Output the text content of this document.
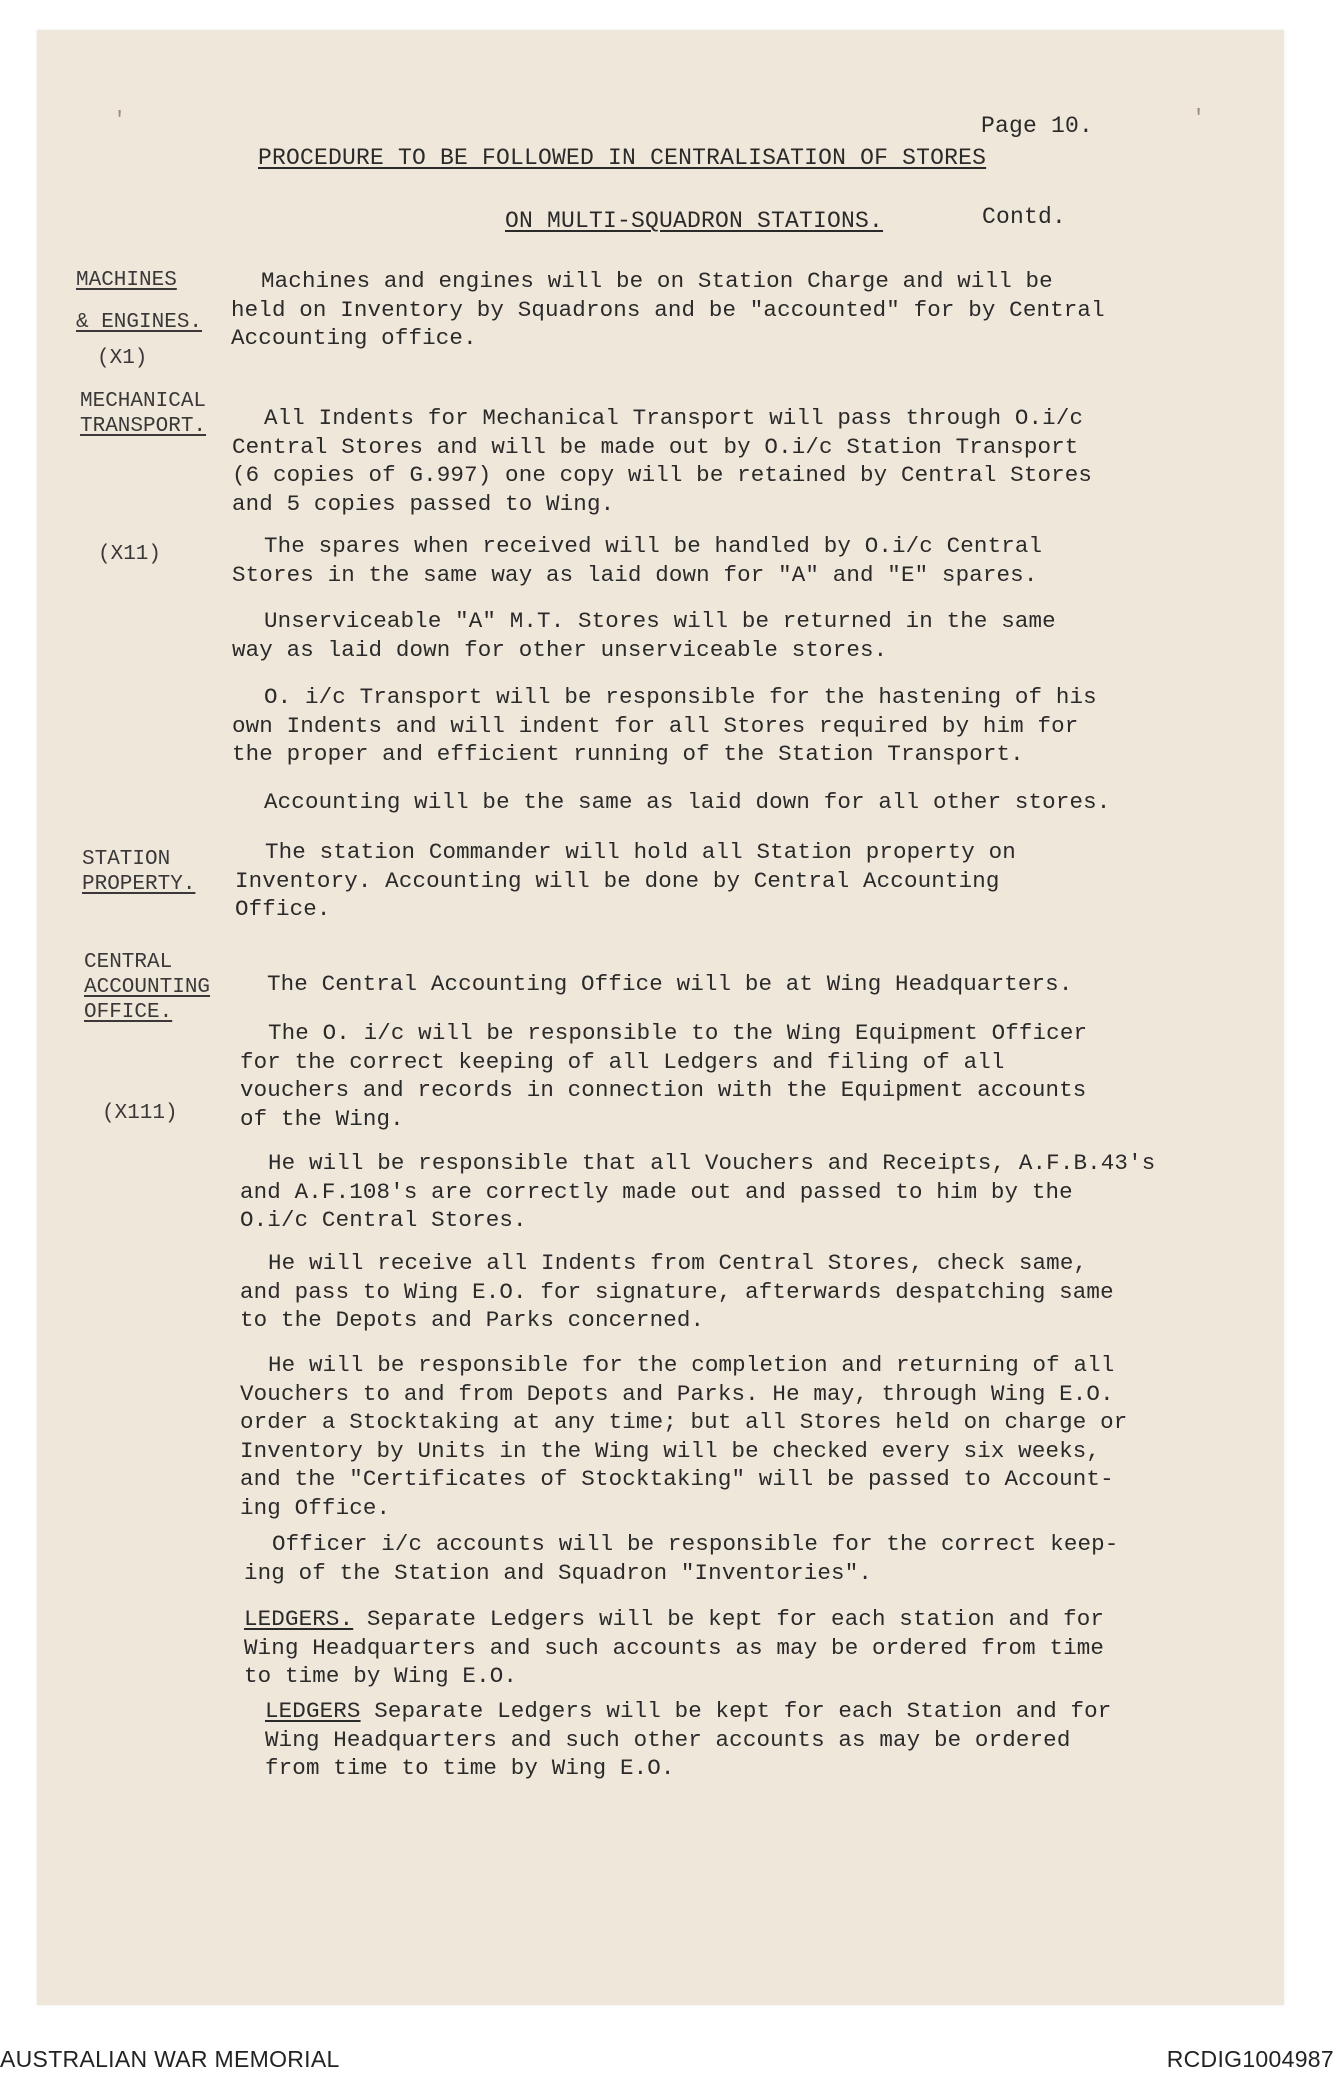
'	'
Page 10.
PROCEDURE TO BE FOLLOWED IN CENTRALISATION OF STORES
ON MULTI-SQUADRON STATIONS.	Contd.
MACHINES
& ENGINES.
(X1)
Machines and engines will be on Station Charge and will be
held on Inventory by Squadrons and be "accounted" for by Central
Accounting office.
MECHANICAL
TRANSPORT.
(X11)
All Indents for Mechanical Transport will pass through O.i/c
Central Stores and will be made out by O.i/c Station Transport
(6 copies of G.997) one copy will be retained by Central Stores
and 5 copies passed to Wing.
The spares when received will be handled by O.i/c Central
Stores in the same way as laid down for "A" and "E" spares.
Unserviceable "A" M.T. Stores will be returned in the same
way as laid down for other unserviceable stores.
O. i/c Transport will be responsible for the hastening of his
own Indents and will indent for all Stores required by him for
the proper and efficient running of the Station Transport.
Accounting will be the same as laid down for all other stores.
STATION
PROPERTY.
The station Commander will hold all Station property on
Inventory. Accounting will be done by Central Accounting
Office.
CENTRAL
ACCOUNTING
OFFICE.
(X111)
The Central Accounting Office will be at Wing Headquarters.
The O. i/c will be responsible to the Wing Equipment Officer
for the correct keeping of all Ledgers and filing of all
vouchers and records in connection with the Equipment accounts
of the Wing.
He will be responsible that all Vouchers and Receipts, A.F.B.43's
and A.F.108's are correctly made out and passed to him by the
O.i/c Central Stores.
He will receive all Indents from Central Stores, check same,
and pass to Wing E.O. for signature, afterwards despatching same
to the Depots and Parks concerned.
He will be responsible for the completion and returning of all
Vouchers to and from Depots and Parks. He may, through Wing E.O.
order a Stocktaking at any time; but all Stores held on charge or
Inventory by Units in the Wing will be checked every six weeks,
and the "Certificates of Stocktaking" will be passed to Account-
ing Office.
Officer i/c accounts will be responsible for the correct keep-
ing of the Station and Squadron "Inventories".
LEDGERS. Separate Ledgers will be kept for each station and for
Wing Headquarters and such accounts as may be ordered from time
to time by Wing E.O.
LEDGERS Separate Ledgers will be kept for each Station and for
Wing Headquarters and such other accounts as may be ordered
from time to time by Wing E.O.
AUSTRALIAN WAR MEMORIAL	RCDIG1004987
